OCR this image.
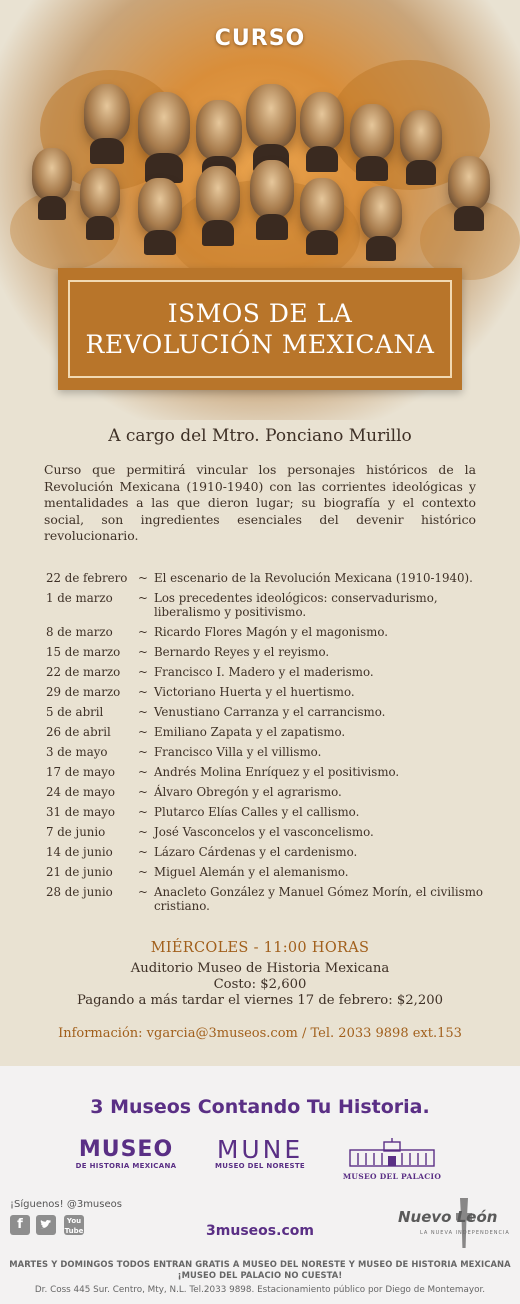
CURSO
ISMOS DE LA
REVOLUCIÓN MEXICANA
A cargo del Mtro. Ponciano Murillo
Curso que permitirá vincular los personajes históricos de la Revolución Mexicana (1910-1940) con las corrientes ideológicas y mentalidades a las que dieron lugar; su biografía y el contexto social, son ingredientes esenciales del devenir histórico revolucionario.
22 de febrero ~ El escenario de la Revolución Mexicana (1910-1940).
1 de marzo	~ Los precedentes ideológicos: conservadurismo, liberalismo y positivismo.
8 de marzo	~ Ricardo Flores Magón y el magonismo.
15 de marzo	~ Bernardo Reyes y el reyismo.
22 de marzo	~ Francisco I. Madero y el maderismo.
29 de marzo	~ Victoriano Huerta y el huertismo.
5 de abril	~ Venustiano Carranza y el carrancismo.
26 de abril	~ Emiliano Zapata y el zapatismo.
3 de mayo	~ Francisco Villa y el villismo.
17 de mayo	~ Andrés Molina Enríquez y el positivismo.
24 de mayo	~ Álvaro Obregón y el agrarismo.
31 de mayo	~ Plutarco Elías Calles y el callismo.
7 de junio	~ José Vasconcelos y el vasconcelismo.
14 de junio	~ Lázaro Cárdenas y el cardenismo.
21 de junio	~ Miguel Alemán y el alemanismo.
28 de junio	~ Anacleto González y Manuel Gómez Morín, el civilismo cristiano.
MIÉRCOLES - 11:00 HORAS
Auditorio Museo de Historia Mexicana
Costo: $2,600
Pagando a más tardar el viernes 17 de febrero: $2,200
Información: vgarcia@3museos.com / Tel. 2033 9898 ext.153
3 Museos Contando Tu Historia.
MUSEO
DE HISTORIA MEXICANA
MUNE
MUSEO DEL NORESTE
MUSEO DEL PALACIO
¡Síguenos! @3museos
f	You
Tube	3museos.com
Nuevo León
LA NUEVA INDEPENDENCIA
MARTES Y DOMINGOS TODOS ENTRAN GRATIS A MUSEO DEL NORESTE Y MUSEO DE HISTORIA MEXICANA
¡MUSEO DEL PALACIO NO CUESTA!
Dr. Coss 445 Sur. Centro, Mty, N.L. Tel.2033 9898. Estacionamiento público por Diego de Montemayor.
